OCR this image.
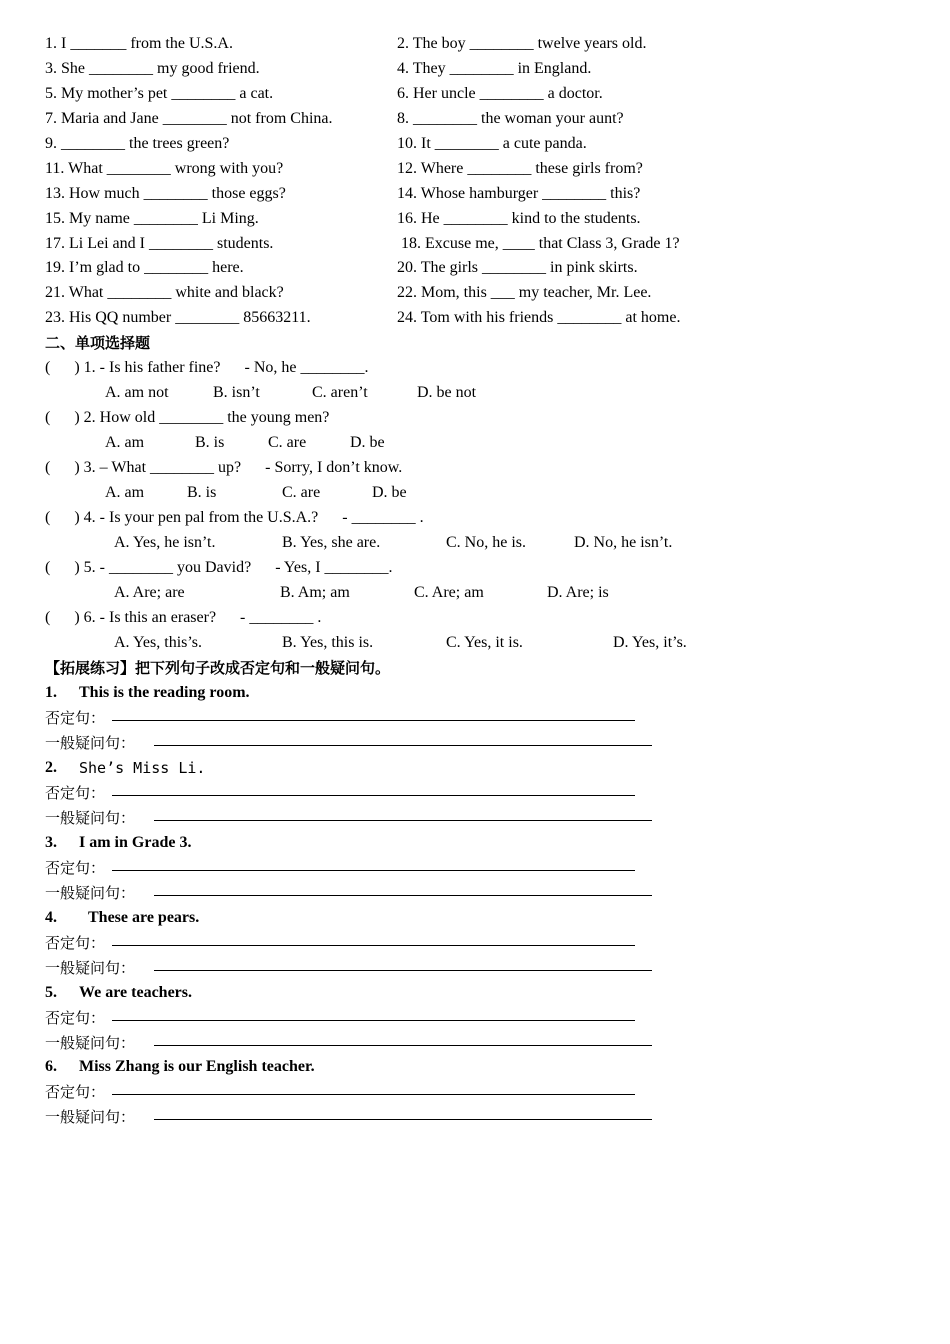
1. I _______ from the U.S.A.	2. The boy ________ twelve years old.
3. She ________ my good friend.	4. They ________ in England.
5. My mother’s pet ________ a cat.	6. Her uncle ________ a doctor.
7. Maria and Jane ________ not from China.	8. ________ the woman your aunt?
9. ________ the trees green?	10. It ________ a cute panda.
11. What ________ wrong with you?	12. Where ________ these girls from?
13. How much ________ those eggs?	14. Whose hamburger ________ this?
15. My name ________ Li Ming.	16. He ________ kind to the students.
17. Li Lei and I ________ students.	18. Excuse me, ____ that Class 3, Grade 1?
19. I’m glad to ________ here.	20. The girls ________ in pink skirts.
21. What ________ white and black?	22. Mom, this ___ my teacher, Mr. Lee.
23. His QQ number ________ 85663211.	24. Tom with his friends ________ at home.
二、单项选择题
(      ) 1. - Is his father fine?      - No, he ________.
A. am not	B. isn’t	C. aren’t	D. be not
(      ) 2. How old ________ the young men?
A. am	B. is	C. are	D. be
(      ) 3. – What ________ up?      - Sorry, I don’t know.
A. am	B. is	C. are	D. be
(      ) 4. - Is your pen pal from the U.S.A.?      - ________ .
A. Yes, he isn’t.	B. Yes, she are.	C. No, he is.	D. No, he isn’t.
(      ) 5. - ________ you David?      - Yes, I ________.
A. Are; are	B. Am; am	C. Are; am	D. Are; is
(      ) 6. - Is this an eraser?      - ________ .
A. Yes, this’s.	B. Yes, this is.	C. Yes, it is.	D. Yes, it’s.
【拓展练习】把下列句子改成否定句和一般疑问句。
1. This is the reading room.
否定句：
一般疑问句：
2. She’s Miss Li.
否定句：
一般疑问句：
3. I am in Grade 3.
否定句：
一般疑问句：
4. These are pears.
否定句：
一般疑问句：
5. We are teachers.
否定句：
一般疑问句：
6. Miss Zhang is our English teacher.
否定句：
一般疑问句：
